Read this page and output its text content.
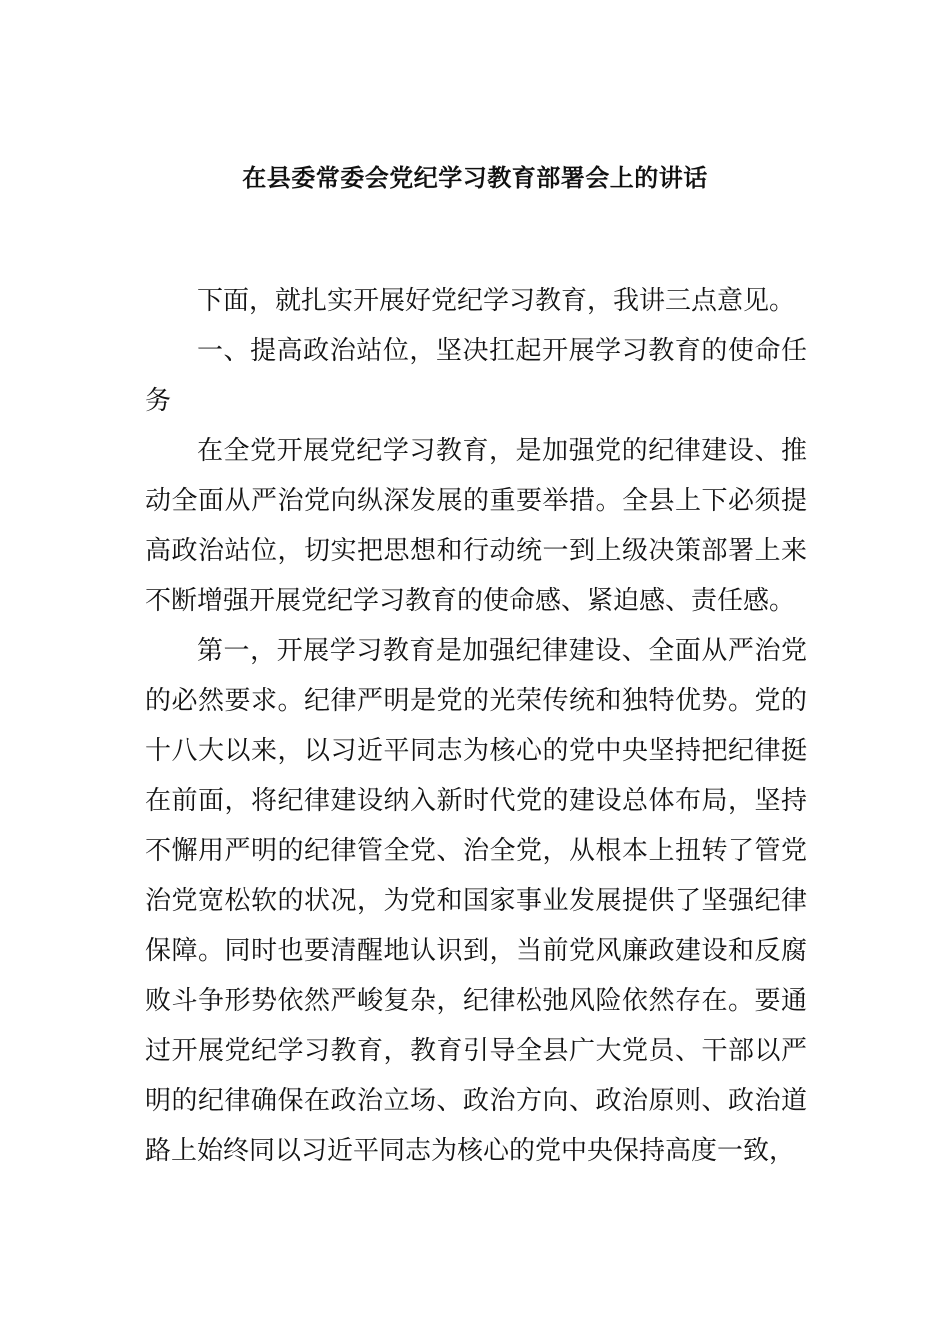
在县委常委会党纪学习教育部署会上的讲话

下面，就扎实开展好党纪学习教育，我讲三点意见。

一、提高政治站位，坚决扛起开展学习教育的使命任务

在全党开展党纪学习教育，是加强党的纪律建设、推动全面从严治党向纵深发展的重要举措。全县上下必须提高政治站位，切实把思想和行动统一到上级决策部署上来不断增强开展党纪学习教育的使命感、紧迫感、责任感。

第一，开展学习教育是加强纪律建设、全面从严治党的必然要求。纪律严明是党的光荣传统和独特优势。党的十八大以来，以习近平同志为核心的党中央坚持把纪律挺在前面，将纪律建设纳入新时代党的建设总体布局，坚持不懈用严明的纪律管全党、治全党，从根本上扭转了管党治党宽松软的状况，为党和国家事业发展提供了坚强纪律保障。同时也要清醒地认识到，当前党风廉政建设和反腐败斗争形势依然严峻复杂，纪律松弛风险依然存在。要通过开展党纪学习教育，教育引导全县广大党员、干部以严明的纪律确保在政治立场、政治方向、政治原则、政治道路上始终同以习近平同志为核心的党中央保持高度一致，
